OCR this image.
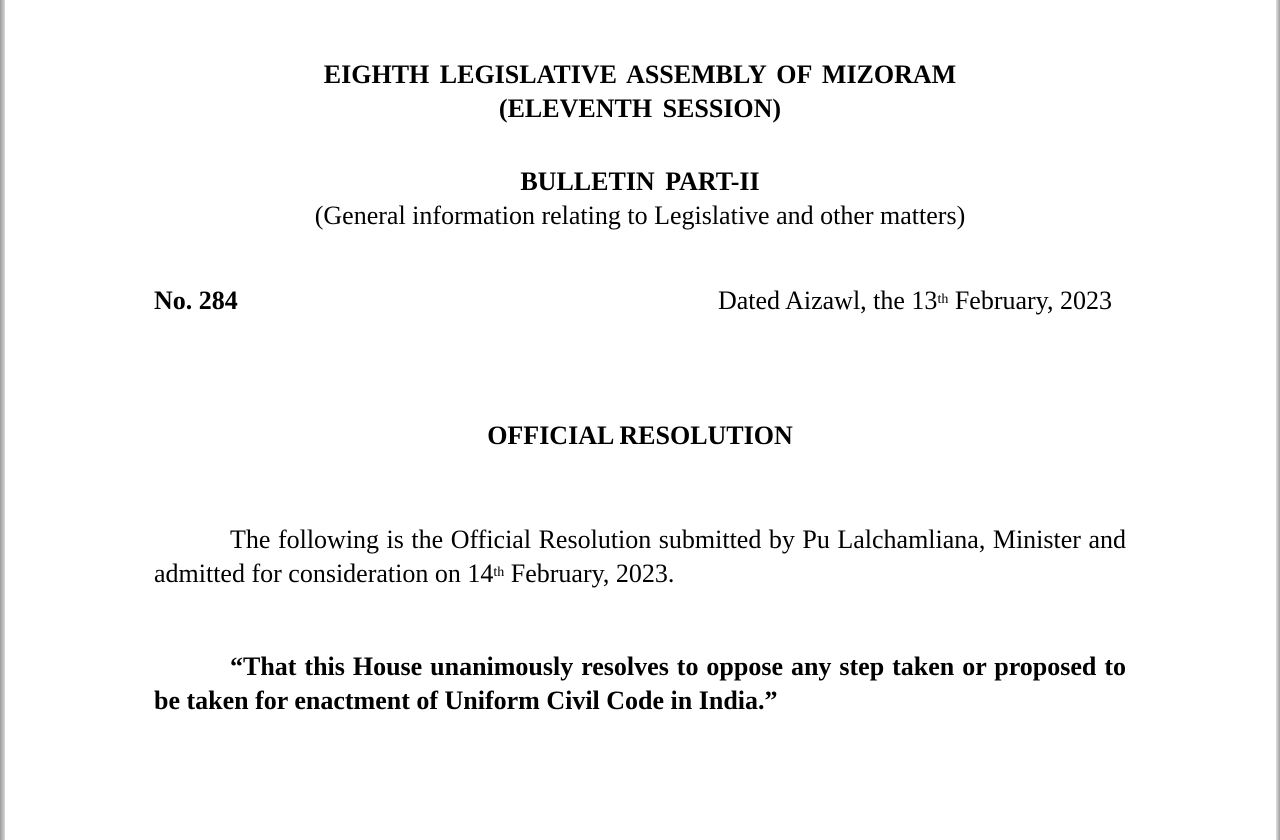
EIGHTH LEGISLATIVE ASSEMBLY OF MIZORAM
(ELEVENTH SESSION)
BULLETIN PART-II
(General information relating to Legislative and other matters)
No. 284	Dated Aizawl, the 13th February, 2023
OFFICIAL RESOLUTION

The following is the Official Resolution submitted by Pu Lalchamliana, Minister and admitted for consideration on 14th February, 2023.

“That this House unanimously resolves to oppose any step taken or proposed to be taken for enactment of Uniform Civil Code in India.”
